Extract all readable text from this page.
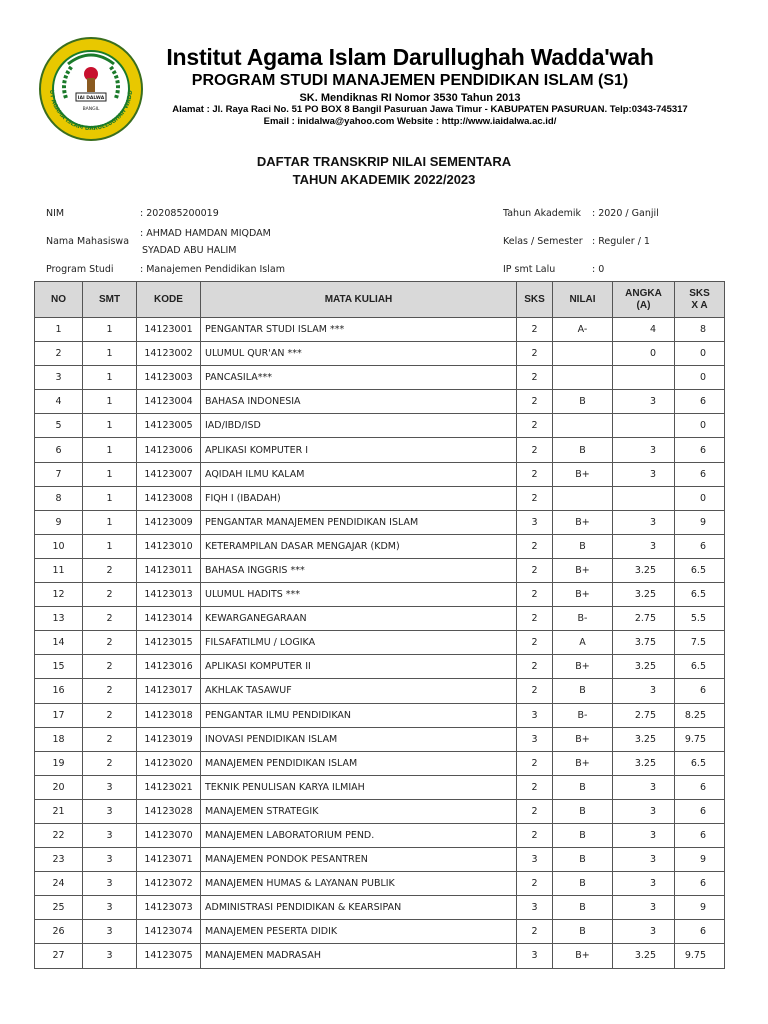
UT AGAMA ISLAM DARULLUGHAH WADD
IAI DALWA
BANGIL
Institut Agama Islam Darullughah Wadda'wah
PROGRAM STUDI MANAJEMEN PENDIDIKAN ISLAM (S1)
SK. Mendiknas RI Nomor 3530 Tahun 2013
Alamat : Jl. Raya Raci No. 51 PO BOX 8 Bangil Pasuruan Jawa Timur - KABUPATEN PASURUAN. Telp:0343-745317
Email : inidalwa@yahoo.com Website : http://www.iaidalwa.ac.id/
DAFTAR TRANSKRIP NILAI SEMENTARA
TAHUN AKADEMIK 2022/2023
NIM	: 202085200019
Nama Mahasiswa
: AHMAD HAMDAN MIQDAM
SYADAD ABU HALIM
Program Studi	: Manajemen Pendidikan Islam
Tahun Akademik : 2020 / Ganjil
Kelas / Semester : Reguler / 1
IP smt Lalu	: 0
NO	SMT	KODE	MATA KULIAH	SKS	NILAI	ANGKA (A)	SKS X A
1	1	14123001	PENGANTAR STUDI ISLAM ***	2	A-	4	8
2	1	14123002	ULUMUL QUR'AN ***	2		0	0
3	1	14123003	PANCASILA***	2			0
4	1	14123004	BAHASA INDONESIA	2	B	3	6
5	1	14123005	IAD/IBD/ISD	2			0
6	1	14123006	APLIKASI KOMPUTER I	2	B	3	6
7	1	14123007	AQIDAH ILMU KALAM	2	B+	3	6
8	1	14123008	FIQH I (IBADAH)	2			0
9	1	14123009	PENGANTAR MANAJEMEN PENDIDIKAN ISLAM	3	B+	3	9
10	1	14123010	KETERAMPILAN DASAR MENGAJAR (KDM)	2	B	3	6
11	2	14123011	BAHASA INGGRIS ***	2	B+	3.25	6.5
12	2	14123013	ULUMUL HADITS ***	2	B+	3.25	6.5
13	2	14123014	KEWARGANEGARAAN	2	B-	2.75	5.5
14	2	14123015	FILSAFATILMU / LOGIKA	2	A	3.75	7.5
15	2	14123016	APLIKASI KOMPUTER II	2	B+	3.25	6.5
16	2	14123017	AKHLAK TASAWUF	2	B	3	6
17	2	14123018	PENGANTAR ILMU PENDIDIKAN	3	B-	2.75	8.25
18	2	14123019	INOVASI PENDIDIKAN ISLAM	3	B+	3.25	9.75
19	2	14123020	MANAJEMEN PENDIDIKAN ISLAM	2	B+	3.25	6.5
20	3	14123021	TEKNIK PENULISAN KARYA ILMIAH	2	B	3	6
21	3	14123028	MANAJEMEN STRATEGIK	2	B	3	6
22	3	14123070	MANAJEMEN LABORATORIUM PEND.	2	B	3	6
23	3	14123071	MANAJEMEN PONDOK PESANTREN	3	B	3	9
24	3	14123072	MANAJEMEN HUMAS & LAYANAN PUBLIK	2	B	3	6
25	3	14123073	ADMINISTRASI PENDIDIKAN & KEARSIPAN	3	B	3	9
26	3	14123074	MANAJEMEN PESERTA DIDIK	2	B	3	6
27	3	14123075	MANAJEMEN MADRASAH	3	B+	3.25	9.75
